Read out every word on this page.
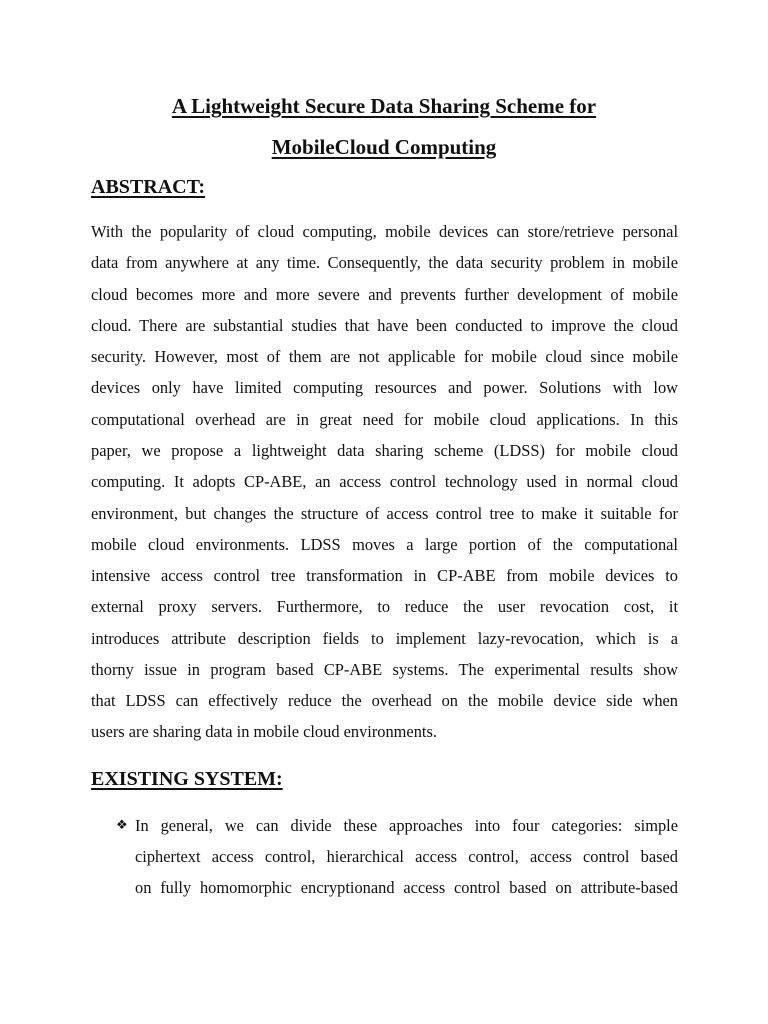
A Lightweight Secure Data Sharing Scheme for
MobileCloud Computing
ABSTRACT:
With the popularity of cloud computing, mobile devices can store/retrieve personal
data from anywhere at any time. Consequently, the data security problem in mobile
cloud becomes more and more severe and prevents further development of mobile
cloud. There are substantial studies that have been conducted to improve the cloud
security. However, most of them are not applicable for mobile cloud since mobile
devices only have limited computing resources and power. Solutions with low
computational overhead are in great need for mobile cloud applications. In this
paper, we propose a lightweight data sharing scheme (LDSS) for mobile cloud
computing. It adopts CP-ABE, an access control technology used in normal cloud
environment, but changes the structure of access control tree to make it suitable for
mobile cloud environments. LDSS moves a large portion of the computational
intensive access control tree transformation in CP-ABE from mobile devices to
external proxy servers. Furthermore, to reduce the user revocation cost, it
introduces attribute description fields to implement lazy-revocation, which is a
thorny issue in program based CP-ABE systems. The experimental results show
that LDSS can effectively reduce the overhead on the mobile device side when
users are sharing data in mobile cloud environments.
EXISTING SYSTEM:
❖ In general, we can divide these approaches into four categories: simple
ciphertext access control, hierarchical access control, access control based
on fully homomorphic encryptionand access control based on attribute-based
